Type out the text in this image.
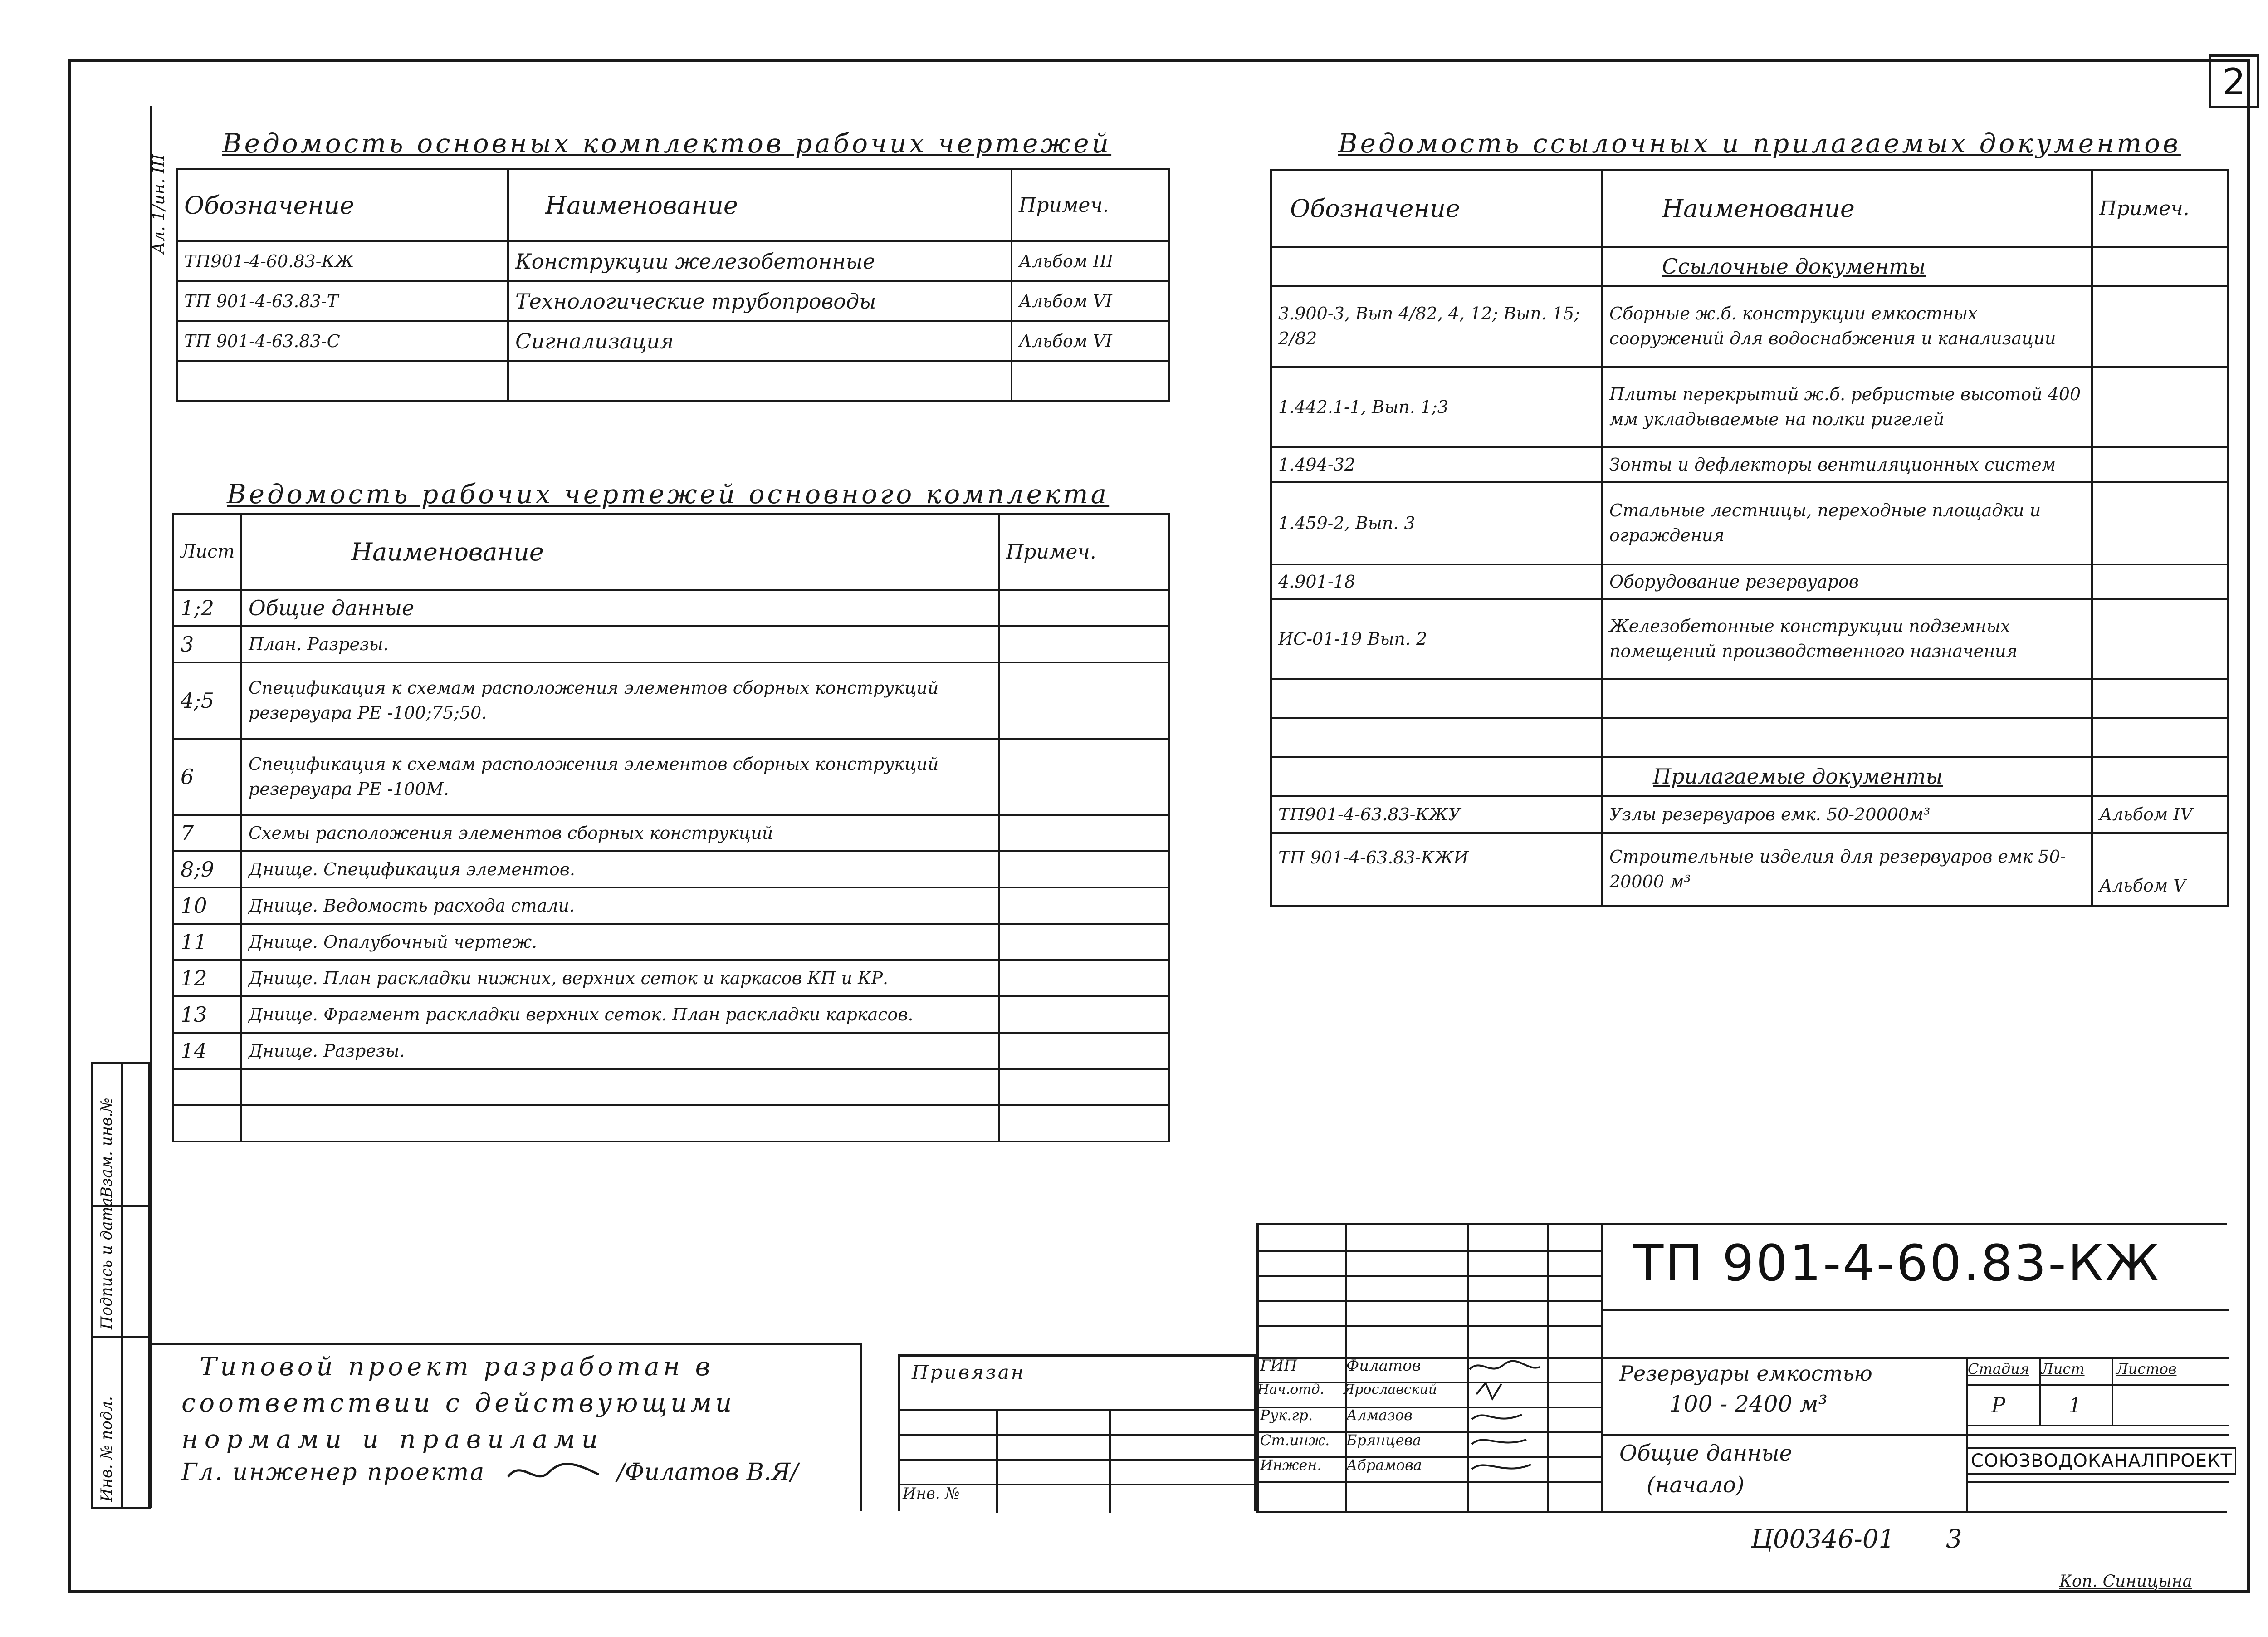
2
Взам. инв.№
Подпись и дата
Инв. № подл.
Ал. 1/ин. III
Ведомость основных комплектов рабочих чертежей
Обозначение	Наименование	Примеч.
ТП901-4-60.83-КЖ	Конструкции железобетонные	Альбом III
ТП 901-4-63.83-Т	Технологические трубопроводы	Альбом VI
ТП 901-4-63.83-С	Сигнализация	Альбом VI

Ведомость рабочих чертежей основного комплекта
Лист	Наименование	Примеч.
1;2	Общие данные	
3	План. Разрезы.	
4;5	Спецификация к схемам расположения элементов сборных конструкций резервуара РЕ -100;75;50.	
6	Спецификация к схемам расположения элементов сборных конструкций резервуара РЕ -100М.	
7	Схемы расположения элементов сборных конструкций	
8;9	Днище. Спецификация элементов.	
10	Днище. Ведомость расхода стали.	
11	Днище. Опалубочный чертеж.	
12	Днище. План раскладки нижних, верхних сеток и каркасов КП и КР.	
13	Днище. Фрагмент раскладки верхних сеток. План раскладки каркасов.	
14	Днище. Разрезы.	

Ведомость ссылочных и прилагаемых документов
Обозначение	Наименование	Примеч.
	Ссылочные документы	
3.900-3, Вып 4/82, 4, 12; Вып. 15; 2/82	Сборные ж.б. конструкции емкостных сооружений для водоснабжения и канализации	
1.442.1-1, Вып. 1;3	Плиты перекрытий ж.б. ребристые высотой 400 мм укладываемые на полки ригелей	
1.494-32	Зонты и дефлекторы вентиляционных систем	
1.459-2, Вып. 3	Стальные лестницы, переходные площадки и ограждения	
4.901-18	Оборудование резервуаров	
ИС-01-19 Вып. 2	Железобетонные конструкции подземных помещений производственного назначения	

	Прилагаемые документы	
ТП901-4-63.83-КЖУ	Узлы резервуаров емк. 50-20000м³	Альбом IV
ТП 901-4-63.83-КЖИ	Строительные изделия для резервуаров емк 50-20000 м³	Альбом V
Типовой проект разработан в
соответствии с действующими
нормами и правилами
Гл. инженер проекта	/Филатов В.Я/
Привязан
Инв. №
ТП 901-4-60.83-КЖ
ГИП	Филатов
Нач.отд. Ярославский
Рук.гр. Алмазов
Ст.инж. Брянцева
Инжен. Абрамова
Резервуары емкостью
100 - 2400 м³
Общие данные
(начало)
Стадия Лист Листов
Р	1
СОЮЗВОДОКАНАЛПРОЕКТ
Ц00346-01 3
Коп. Синицына
